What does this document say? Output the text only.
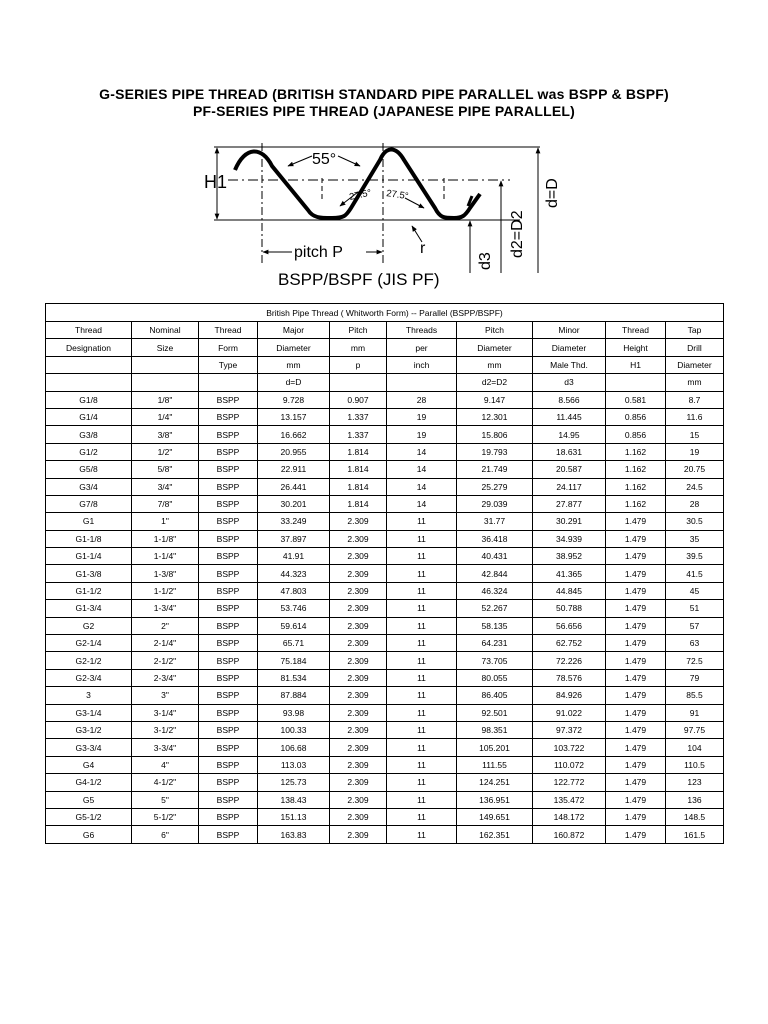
G-SERIES PIPE THREAD (BRITISH STANDARD PIPE PARALLEL was BSPP & BSPF)
PF-SERIES PIPE THREAD (JAPANESE PIPE PARALLEL)
H1
55°
27.5° 27.5°
pitch P	r
d3
d2=D2
d=D
BSPP/BSPF (JIS PF)
British Pipe Thread ( Whitworth Form) -- Parallel (BSPP/BSPF)									
Thread	Nominal	Thread	Major	Pitch	Threads	Pitch	Minor	Thread	Tap
Designation	Size	Form	Diameter	mm	per	Diameter	Diameter	Height	Drill
		Type	mm	p	inch	mm	Male Thd.	H1	Diameter
			d=D			d2=D2	d3		mm
G1/8	1/8"	BSPP	9.728	0.907	28	9.147	8.566	0.581	8.7
G1/4	1/4"	BSPP	13.157	1.337	19	12.301	11.445	0.856	11.6
G3/8	3/8"	BSPP	16.662	1.337	19	15.806	14.95	0.856	15
G1/2	1/2"	BSPP	20.955	1.814	14	19.793	18.631	1.162	19
G5/8	5/8"	BSPP	22.911	1.814	14	21.749	20.587	1.162	20.75
G3/4	3/4"	BSPP	26.441	1.814	14	25.279	24.117	1.162	24.5
G7/8	7/8"	BSPP	30.201	1.814	14	29.039	27.877	1.162	28
G1	1"	BSPP	33.249	2.309	11	31.77	30.291	1.479	30.5
G1-1/8	1-1/8"	BSPP	37.897	2.309	11	36.418	34.939	1.479	35
G1-1/4	1-1/4"	BSPP	41.91	2.309	11	40.431	38.952	1.479	39.5
G1-3/8	1-3/8"	BSPP	44.323	2.309	11	42.844	41.365	1.479	41.5
G1-1/2	1-1/2"	BSPP	47.803	2.309	11	46.324	44.845	1.479	45
G1-3/4	1-3/4"	BSPP	53.746	2.309	11	52.267	50.788	1.479	51
G2	2"	BSPP	59.614	2.309	11	58.135	56.656	1.479	57
G2-1/4	2-1/4"	BSPP	65.71	2.309	11	64.231	62.752	1.479	63
G2-1/2	2-1/2"	BSPP	75.184	2.309	11	73.705	72.226	1.479	72.5
G2-3/4	2-3/4"	BSPP	81.534	2.309	11	80.055	78.576	1.479	79
3	3"	BSPP	87.884	2.309	11	86.405	84.926	1.479	85.5
G3-1/4	3-1/4"	BSPP	93.98	2.309	11	92.501	91.022	1.479	91
G3-1/2	3-1/2"	BSPP	100.33	2.309	11	98.351	97.372	1.479	97.75
G3-3/4	3-3/4"	BSPP	106.68	2.309	11	105.201	103.722	1.479	104
G4	4"	BSPP	113.03	2.309	11	111.55	110.072	1.479	110.5
G4-1/2	4-1/2"	BSPP	125.73	2.309	11	124.251	122.772	1.479	123
G5	5"	BSPP	138.43	2.309	11	136.951	135.472	1.479	136
G5-1/2	5-1/2"	BSPP	151.13	2.309	11	149.651	148.172	1.479	148.5
G6	6"	BSPP	163.83	2.309	11	162.351	160.872	1.479	161.5
